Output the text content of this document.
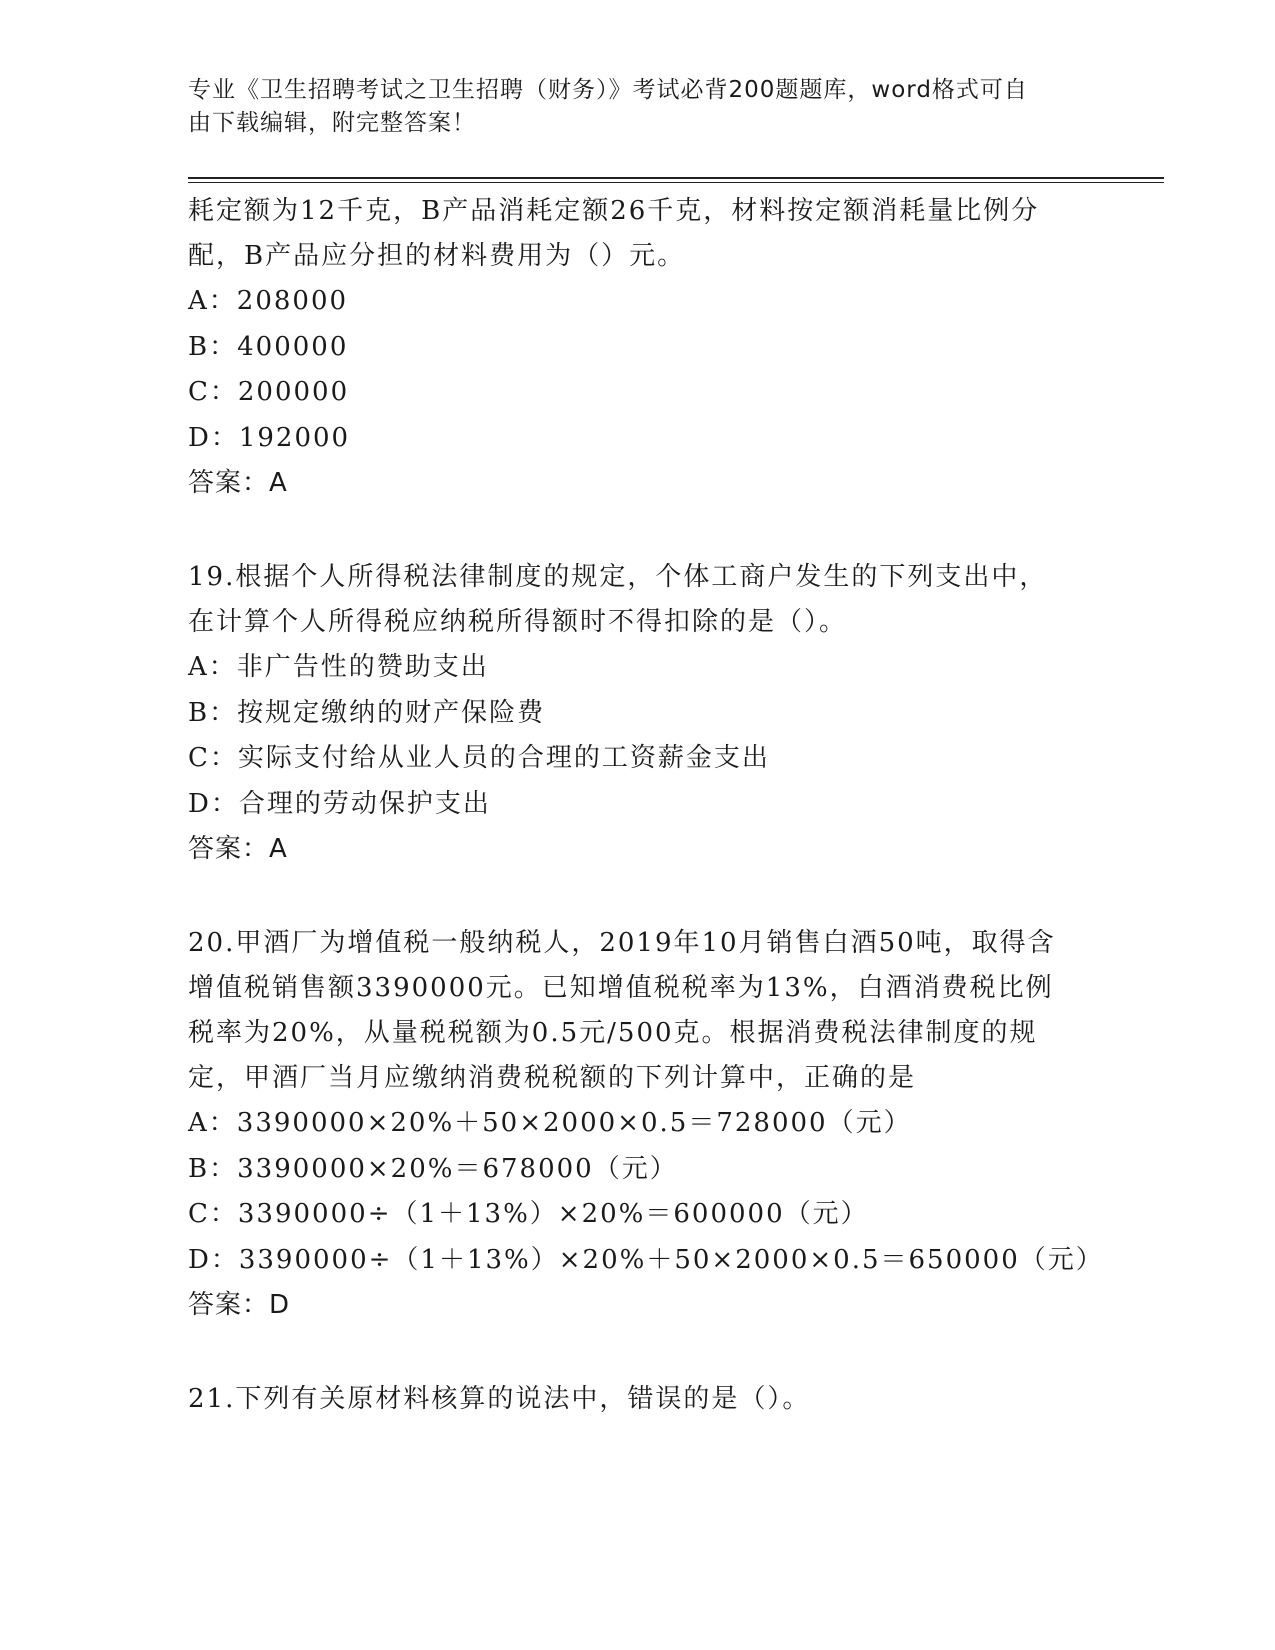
专业《卫生招聘考试之卫生招聘（财务）》考试必背200题题库，word格式可自
由下载编辑，附完整答案！

耗定额为12千克，B产品消耗定额26千克，材料按定额消耗量比例分

配，B产品应分担的材料费用为（）元。

A：208000

B：400000

C：200000

D：192000

答案：A

19.根据个人所得税法律制度的规定，个体工商户发生的下列支出中，

在计算个人所得税应纳税所得额时不得扣除的是（）。

A：非广告性的赞助支出

B：按规定缴纳的财产保险费

C：实际支付给从业人员的合理的工资薪金支出

D：合理的劳动保护支出

答案：A

20.甲酒厂为增值税一般纳税人，2019年10月销售白酒50吨，取得含

增值税销售额3390000元。已知增值税税率为13%，白酒消费税比例

税率为20%，从量税税额为0.5元/500克。根据消费税法律制度的规

定，甲酒厂当月应缴纳消费税税额的下列计算中，正确的是

A：3390000×20%＋50×2000×0.5＝728000（元）

B：3390000×20%＝678000（元）

C：3390000÷（1＋13%）×20%＝600000（元）

D：3390000÷（1＋13%）×20%＋50×2000×0.5＝650000（元）

答案：D

21.下列有关原材料核算的说法中，错误的是（）。
